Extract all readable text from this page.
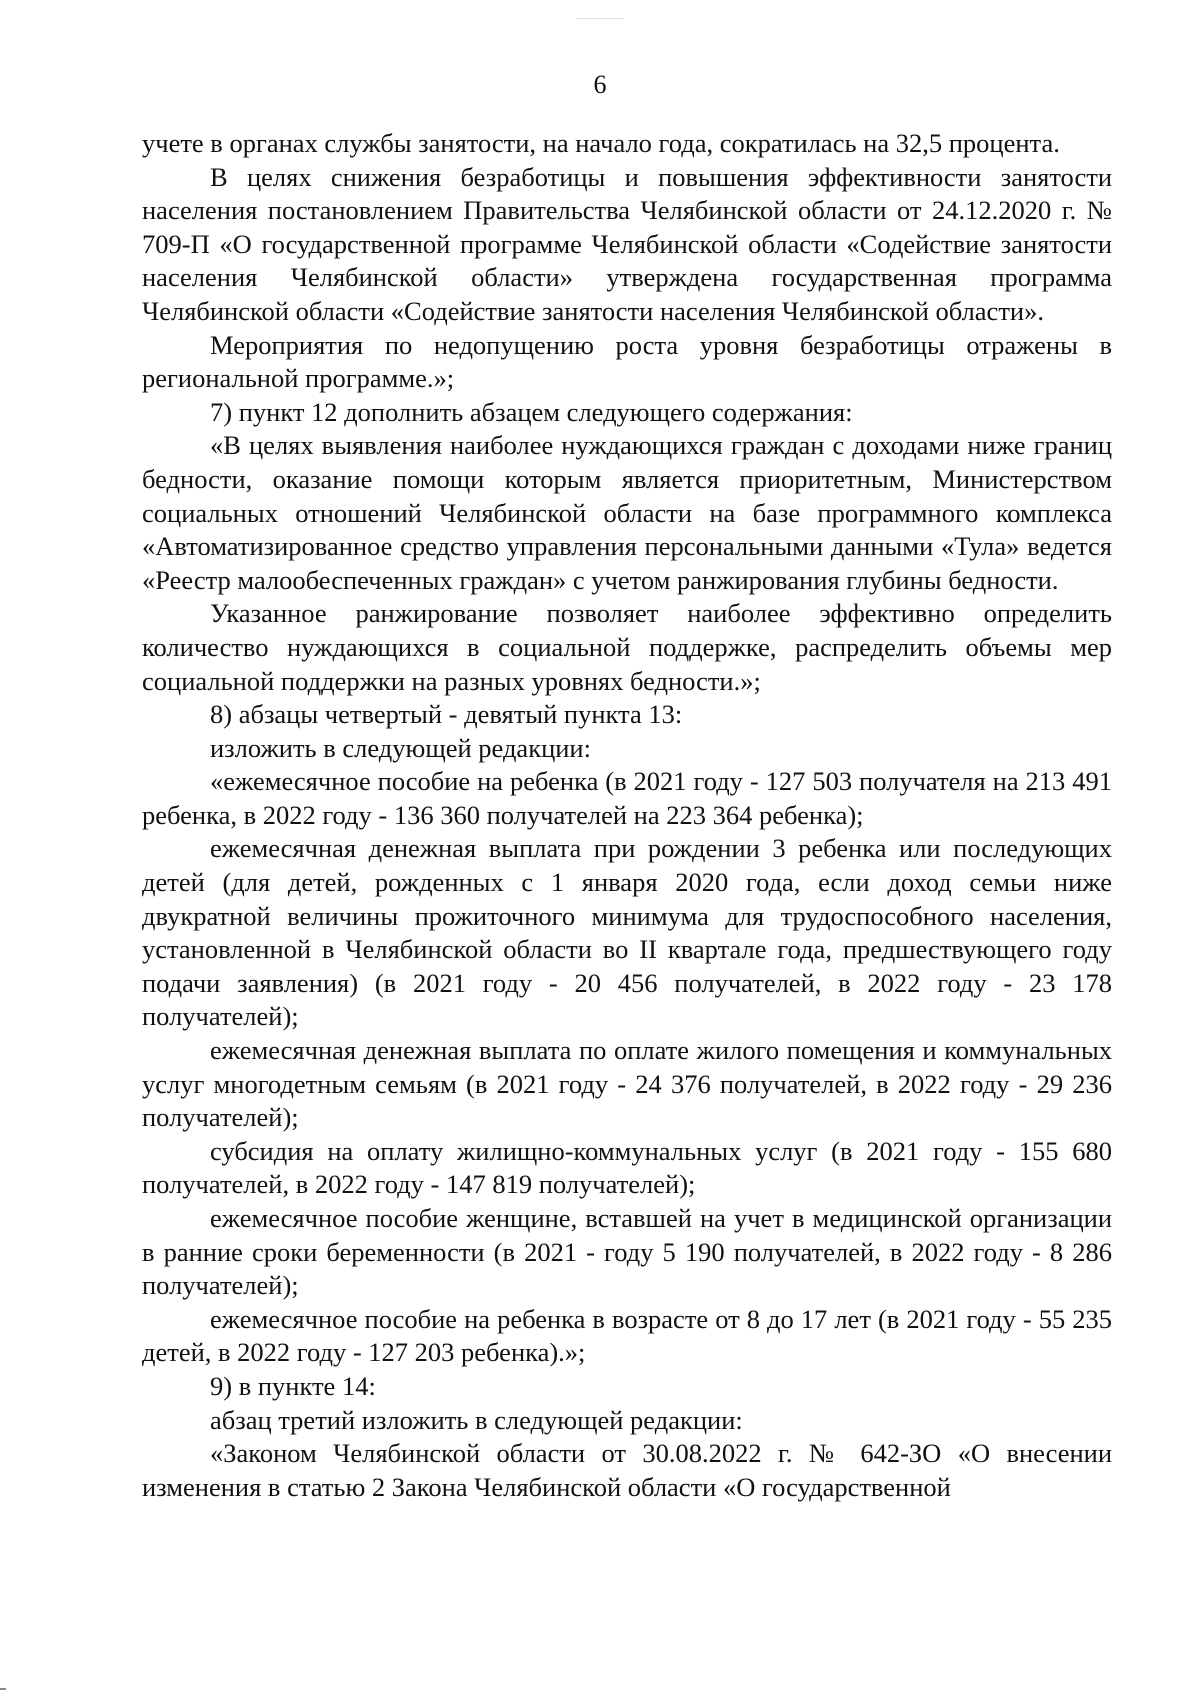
6

учете в органах службы занятости, на начало года, сократилась на 32,5 процента.

В целях снижения безработицы и повышения эффективности занятости населения постановлением Правительства Челябинской области от 24.12.2020 г. № 709-П «О государственной программе Челябинской области «Содействие занятости населения Челябинской области» утверждена государственная программа Челябинской области «Содействие занятости населения Челябинской области».

Мероприятия по недопущению роста уровня безработицы отражены в региональной программе.»;

7) пункт 12 дополнить абзацем следующего содержания:

«В целях выявления наиболее нуждающихся граждан с доходами ниже границ бедности, оказание помощи которым является приоритетным, Министерством социальных отношений Челябинской области на базе программного комплекса «Автоматизированное средство управления персональными данными «Тула» ведется «Реестр малообеспеченных граждан» с учетом ранжирования глубины бедности.

Указанное ранжирование позволяет наиболее эффективно определить количество нуждающихся в социальной поддержке, распределить объемы мер социальной поддержки на разных уровнях бедности.»;

8) абзацы четвертый - девятый пункта 13:

изложить в следующей редакции:

«ежемесячное пособие на ребенка (в 2021 году - 127 503 получателя на 213 491 ребенка, в 2022 году - 136 360 получателей на 223 364 ребенка);

ежемесячная денежная выплата при рождении 3 ребенка или последующих детей (для детей, рожденных с 1 января 2020 года, если доход семьи ниже двукратной величины прожиточного минимума для трудоспособного населения, установленной в Челябинской области во II квартале года, предшествующего году подачи заявления) (в 2021 году - 20 456 получателей, в 2022 году - 23 178 получателей);

ежемесячная денежная выплата по оплате жилого помещения и коммунальных услуг многодетным семьям (в 2021 году - 24 376 получателей, в 2022 году - 29 236 получателей);

субсидия на оплату жилищно-коммунальных услуг (в 2021 году - 155 680 получателей, в 2022 году - 147 819 получателей);

ежемесячное пособие женщине, вставшей на учет в медицинской организации в ранние сроки беременности (в 2021 - году 5 190 получателей, в 2022 году - 8 286 получателей);

ежемесячное пособие на ребенка в возрасте от 8 до 17 лет (в 2021 году - 55 235 детей, в 2022 году - 127 203 ребенка).»;

9) в пункте 14:

абзац третий изложить в следующей редакции:

«Законом Челябинской области от 30.08.2022 г. № 642-ЗО «О внесении изменения в статью 2 Закона Челябинской области «О государственной
